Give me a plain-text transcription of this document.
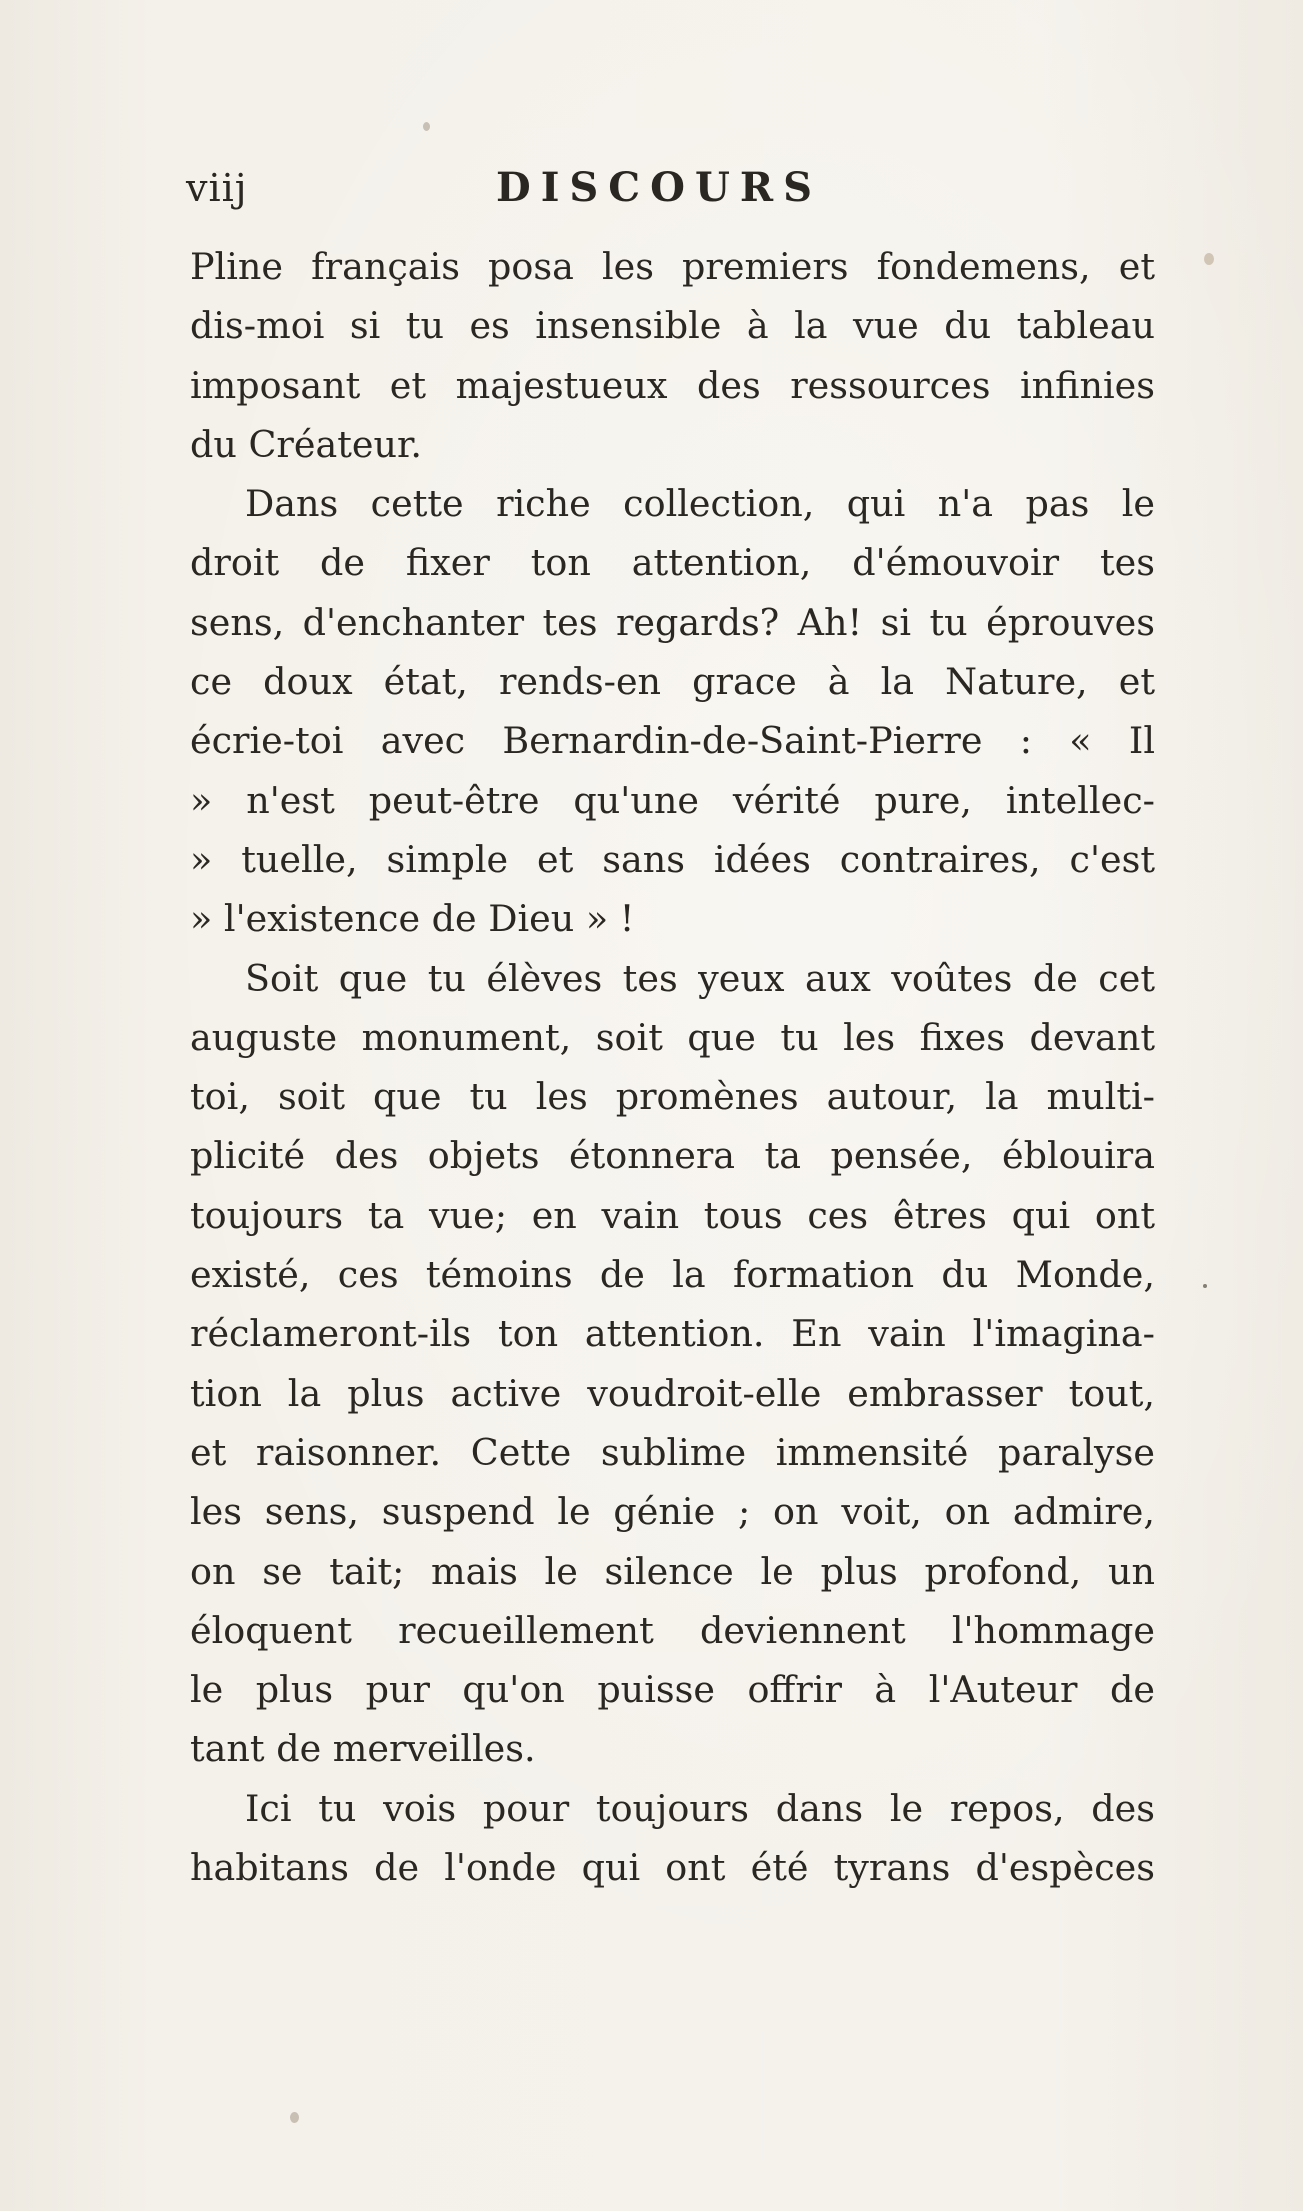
viij	DISCOURS
Pline français posa les premiers fondemens, et
dis-moi si tu es insensible à la vue du tableau
imposant et majestueux des ressources infinies
du Créateur.
Dans cette riche collection, qui n'a pas le
droit de fixer ton attention, d'émouvoir tes
sens, d'enchanter tes regards? Ah! si tu éprouves
ce doux état, rends-en grace à la Nature, et
écrie-toi avec Bernardin-de-Saint-Pierre : « Il
» n'est peut-être qu'une vérité pure, intellec-
» tuelle, simple et sans idées contraires, c'est
» l'existence de Dieu » !
Soit que tu élèves tes yeux aux voûtes de cet
auguste monument, soit que tu les fixes devant
toi, soit que tu les promènes autour, la multi-
plicité des objets étonnera ta pensée, éblouira
toujours ta vue; en vain tous ces êtres qui ont
existé, ces témoins de la formation du Monde,
réclameront-ils ton attention. En vain l'imagina-
tion la plus active voudroit-elle embrasser tout,
et raisonner. Cette sublime immensité paralyse
les sens, suspend le génie ; on voit, on admire,
on se tait; mais le silence le plus profond, un
éloquent recueillement deviennent l'hommage
le plus pur qu'on puisse offrir à l'Auteur de
tant de merveilles.
Ici tu vois pour toujours dans le repos, des
habitans de l'onde qui ont été tyrans d'espèces
